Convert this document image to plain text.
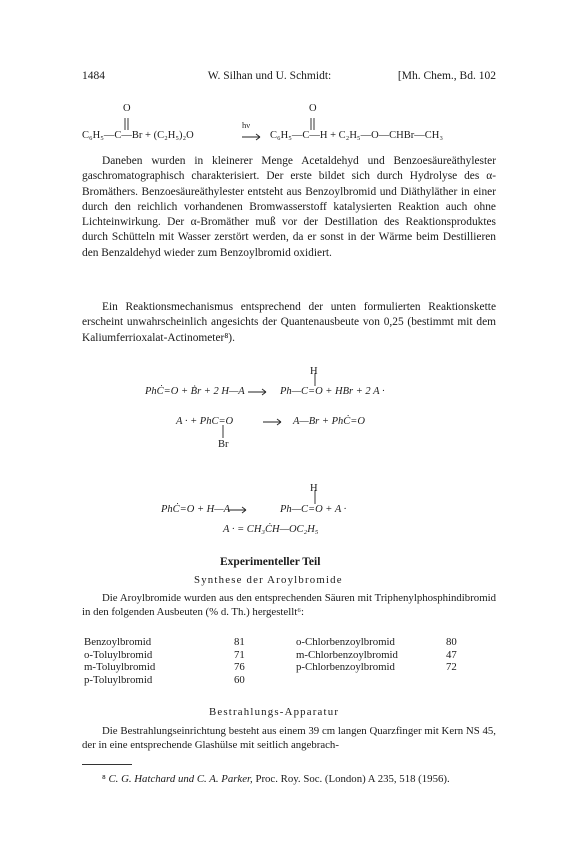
1484	W. Silhan und U. Schmidt:	[Mh. Chem., Bd. 102
O	O
C₆H₅—C—Br + (C₂H₅)₂O
hν
C₆H₅—C—H + C₂H₅—O—CHBr—CH₃

Daneben wurden in kleinerer Menge Acetaldehyd und Benzoesäureäthylester gaschromatographisch charakterisiert. Der erste bildet sich durch Hydrolyse des α-Bromäthers. Benzoesäureäthylester entsteht aus Benzoylbromid und Diäthyläther in einer durch den reichlich vorhandenen Bromwasserstoff katalysierten Reaktion auch ohne Lichteinwirkung. Der α-Bromäther muß vor der Destillation des Reaktionsproduktes durch Schütteln mit Wasser zerstört werden, da er sonst in der Wärme beim Destillieren den Benzaldehyd wieder zum Benzoylbromid oxidiert.

Ein Reaktionsmechanismus entsprechend der unten formulierten Reaktionskette erscheint unwahrscheinlich angesichts der Quantenausbeute von 0,25 (bestimmt mit dem Kaliumferrioxalat-Actinometer⁸).

H
PhĊ=O + Ḃr + 2 H—A	Ph—C=O + HBr + 2 A ·
A · + PhC=O
Br
A—Br + PhĊ=O
H
PhĊ=O + H—A	Ph—C=O + A ·
A · = CH₃ĊH—OC₂H₅
Experimenteller Teil
Synthese der Aroylbromide

Die Aroylbromide wurden aus den entsprechenden Säuren mit Triphenylphosphindibromid in den folgenden Ausbeuten (% d. Th.) hergestellt⁶:

Benzoylbromid	81	o-Chlorbenzoylbromid	80
o-Toluylbromid	71	m-Chlorbenzoylbromid	47
m-Toluylbromid	76	p-Chlorbenzoylbromid	72
p-Toluylbromid	60		
Bestrahlungs-Apparatur

Die Bestrahlungseinrichtung besteht aus einem 39 cm langen Quarzfinger mit Kern NS 45, der in eine entsprechende Glashülse mit seitlich angebrach-

⁸ C. G. Hatchard und C. A. Parker, Proc. Roy. Soc. (London) A 235, 518 (1956).
